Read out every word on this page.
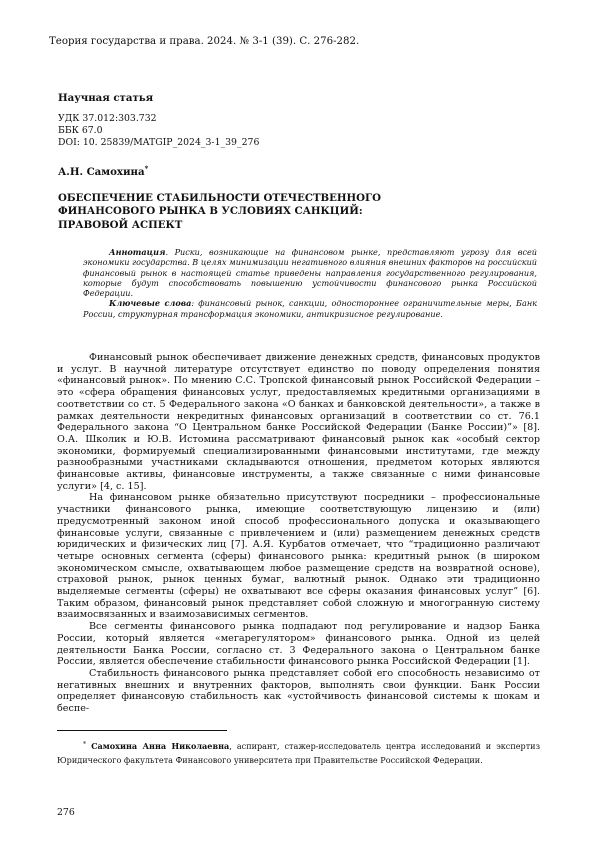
Теория государства и права. 2024. № 3-1 (39). С. 276-282.
Научная статья
УДК 37.012:303.732
ББК 67.0
DOI: 10. 25839/MATGIP_2024_3-1_39_276
А.Н. Самохина*
ОБЕСПЕЧЕНИЕ СТАБИЛЬНОСТИ ОТЕЧЕСТВЕННОГО
ФИНАНСОВОГО РЫНКА В УСЛОВИЯХ САНКЦИЙ:
ПРАВОВОЙ АСПЕКТ

Аннотация. Риски, возникающие на финансовом рынке, представляют угрозу для всей экономики государства. В целях минимизации негативного влияния внешних факторов на российский финансовый рынок в настоящей статье приведены направления государственного регулирования, которые будут способствовать повышению устойчивости финансового рынка Российской Федерации.

Ключевые слова: финансовый рынок, санкции, одностороннее ограничительные меры, Банк России, структурная трансформация экономики, антикризисное регулирование.

Финансовый рынок обеспечивает движение денежных средств, финансовых продуктов и услуг. В научной литературе отсутствует единство по поводу определения понятия «финансовый рынок». По мнению С.С. Тропской финансовый рынок Российской Федерации – это «сфера обращения финансовых услуг, предоставляемых кредитными организациями в соответствии со ст. 5 Федерального закона «О банках и банковской деятельности», а также в рамках деятельности некредитных финансовых организаций в соответствии со ст. 76.1 Федерального закона “О Центральном банке Российской Федерации (Банке России)”» [8]. О.А. Школик и Ю.В. Истомина рассматривают финансовый рынок как «особый сектор экономики, формируемый специализированными финансовыми институтами, где между разнообразными участниками складываются отношения, предметом которых являются финансовые активы, финансовые инструменты, а также связанные с ними финансовые услуги» [4, с. 15].

На финансовом рынке обязательно присутствуют посредники – профессиональные участники финансового рынка, имеющие соответствующую лицензию и (или) предусмотренный законом иной способ профессионального допуска и оказывающего финансовые услуги, связанные с привлечением и (или) размещением денежных средств юридических и физических лиц [7]. А.Я. Курбатов отмечает, что “традиционно различают четыре основных сегмента (сферы) финансового рынка: кредитный рынок (в широком экономическом смысле, охватывающем любое размещение средств на возвратной основе), страховой рынок, рынок ценных бумаг, валютный рынок. Однако эти традиционно выделяемые сегменты (сферы) не охватывают все сферы оказания финансовых услуг” [6]. Таким образом, финансовый рынок представляет собой сложную и многогранную систему взаимосвязанных и взаимозависимых сегментов.

Все сегменты финансового рынка подпадают под регулирование и надзор Банка России, который является «мегарегулятором» финансового рынка. Одной из целей деятельности Банка России, согласно ст. 3 Федерального закона о Центральном банке России, является обеспечение стабильности финансового рынка Российской Федерации [1].

Стабильность финансового рынка представляет собой его способность независимо от негативных внешних и внутренних факторов, выполнять свои функции. Банк России определяет финансовую стабильность как «устойчивость финансовой системы к шокам и беспе-

* Самохина Анна Николаевна, аспирант, стажер-исследователь центра исследований и экспертиз Юридического факультета Финансового университета при Правительстве Российской Федерации.
276
